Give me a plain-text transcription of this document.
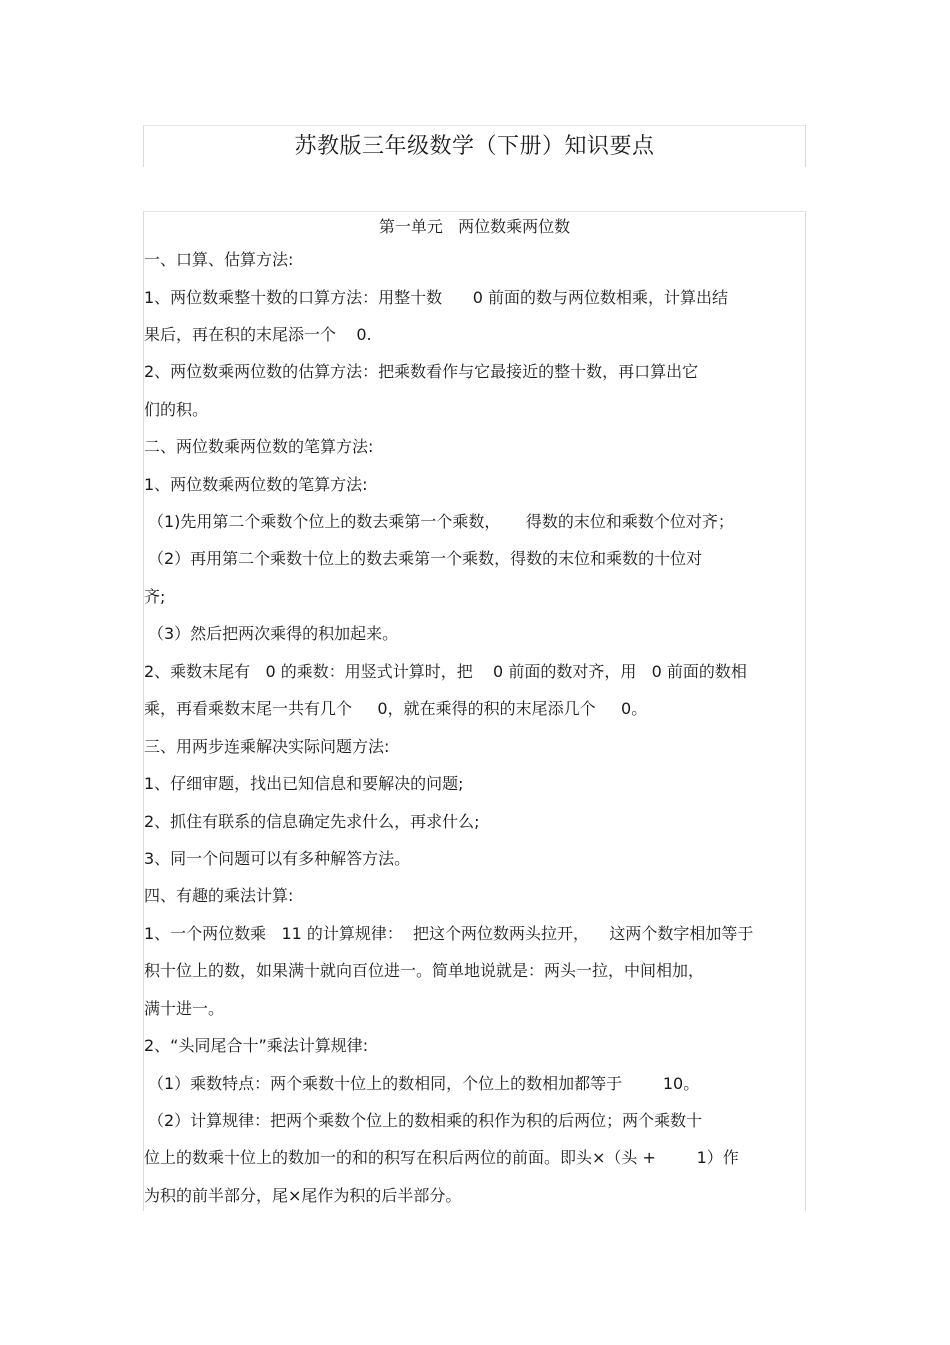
苏教版三年级数学（下册）知识要点
第一单元   两位数乘两位数
一、口算、估算方法:
1、两位数乘整十数的口算方法：用整十数      0 前面的数与两位数相乘，计算出结
果后，再在积的末尾添一个    0.
2、两位数乘两位数的估算方法：把乘数看作与它最接近的整十数，再口算出它
们的积。
二、两位数乘两位数的笔算方法:
1、两位数乘两位数的笔算方法:
（1)先用第二个乘数个位上的数去乘第一个乘数，     得数的末位和乘数个位对齐；
（2）再用第二个乘数十位上的数去乘第一个乘数，得数的末位和乘数的十位对
齐;
（3）然后把两次乘得的积加起来。
2、乘数末尾有   0 的乘数：用竖式计算时，把    0 前面的数对齐，用   0 前面的数相
乘，再看乘数末尾一共有几个     0，就在乘得的积的末尾添几个     0。
三、用两步连乘解决实际问题方法:
1、仔细审题，找出已知信息和要解决的问题;
2、抓住有联系的信息确定先求什么，再求什么;
3、同一个问题可以有多种解答方法。
四、有趣的乘法计算:
1、一个两位数乘   11 的计算规律：  把这个两位数两头拉开，    这两个数字相加等于
积十位上的数，如果满十就向百位进一。简单地说就是：两头一拉，中间相加，
满十进一。
2、“头同尾合十”乘法计算规律:
（1）乘数特点：两个乘数十位上的数相同，个位上的数相加都等于        10。
（2）计算规律：把两个乘数个位上的数相乘的积作为积的后两位；两个乘数十
位上的数乘十位上的数加一的和的积写在积后两位的前面。即头×（头 +        1）作
为积的前半部分，尾×尾作为积的后半部分。
